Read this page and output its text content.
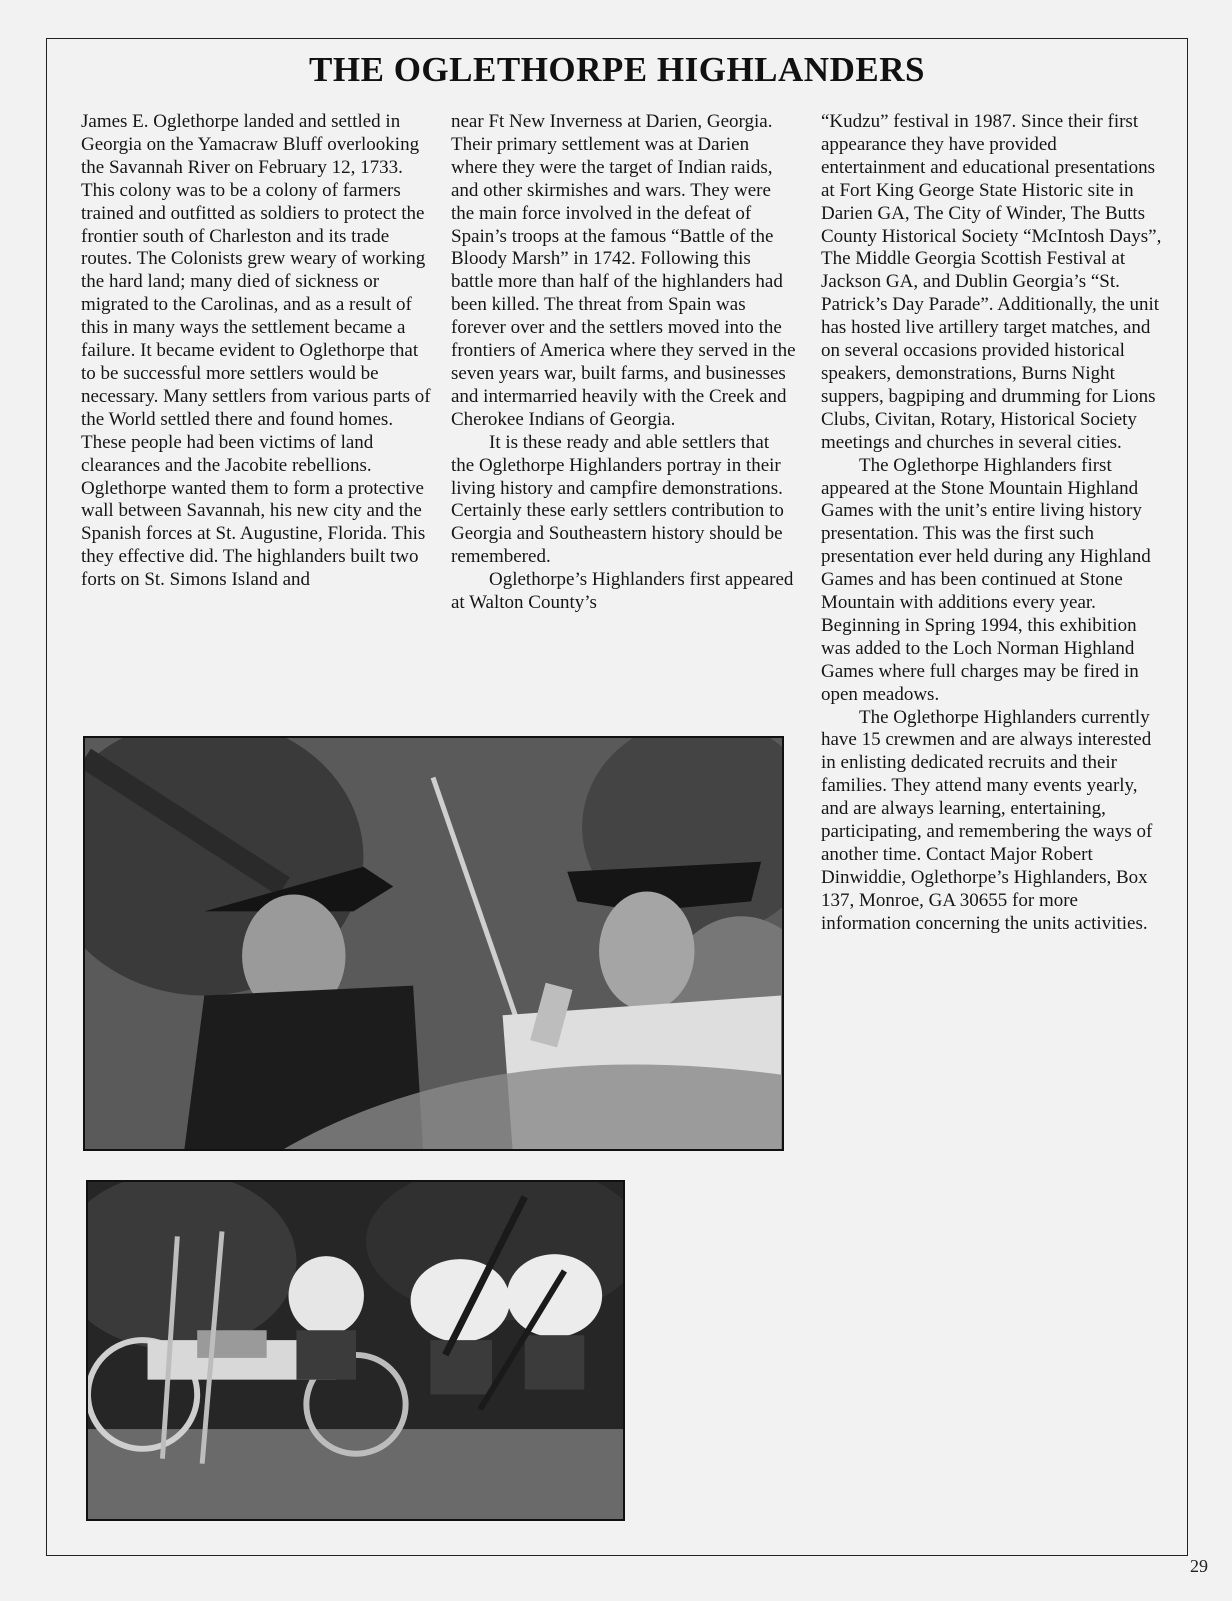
THE OGLETHORPE HIGHLANDERS

James E. Oglethorpe landed and settled in Georgia on the Yamacraw Bluff overlooking the Savannah River on February 12, 1733. This colony was to be a colony of farmers trained and outfitted as soldiers to protect the frontier south of Charleston and its trade routes. The Colonists grew weary of working the hard land; many died of sickness or migrated to the Carolinas, and as a result of this in many ways the settlement became a failure. It became evident to Oglethorpe that to be successful more settlers would be necessary. Many settlers from various parts of the World settled there and found homes. These people had been victims of land clearances and the Jacobite rebellions. Oglethorpe wanted them to form a protective wall between Savannah, his new city and the Spanish forces at St. Augustine, Florida. This they effective did. The highlanders built two forts on St. Simons Island and

near Ft New Inverness at Darien, Georgia. Their primary settlement was at Darien where they were the target of Indian raids, and other skirmishes and wars. They were the main force involved in the defeat of Spain’s troops at the famous “Battle of the Bloody Marsh” in 1742. Following this battle more than half of the highlanders had been killed. The threat from Spain was forever over and the settlers moved into the frontiers of America where they served in the seven years war, built farms, and businesses and intermarried heavily with the Creek and Cherokee Indians of Georgia.

It is these ready and able settlers that the Oglethorpe Highlanders portray in their living history and campfire demonstrations. Certainly these early settlers contribution to Georgia and Southeastern history should be remembered.

Oglethorpe’s Highlanders first appeared at Walton County’s

“Kudzu” festival in 1987. Since their first appearance they have provided entertainment and educational presentations at Fort King George State Historic site in Darien GA, The City of Winder, The Butts County Historical Society “McIntosh Days”, The Middle Georgia Scottish Festival at Jackson GA, and Dublin Georgia’s “St. Patrick’s Day Parade”. Additionally, the unit has hosted live artillery target matches, and on several occasions provided historical speakers, demonstrations, Burns Night suppers, bagpiping and drumming for Lions Clubs, Civitan, Rotary, Historical Society meetings and churches in several cities.

The Oglethorpe Highlanders first appeared at the Stone Mountain Highland Games with the unit’s entire living history presentation. This was the first such presentation ever held during any Highland Games and has been continued at Stone Mountain with additions every year. Beginning in Spring 1994, this exhibition was added to the Loch Norman Highland Games where full charges may be fired in open meadows.

The Oglethorpe Highlanders currently have 15 crewmen and are always interested in enlisting dedicated recruits and their families. They attend many events yearly, and are always learning, entertaining, participating, and remembering the ways of another time. Contact Major Robert Dinwiddie, Oglethorpe’s Highlanders, Box 137, Monroe, GA 30655 for more information concerning the units activities.

29
